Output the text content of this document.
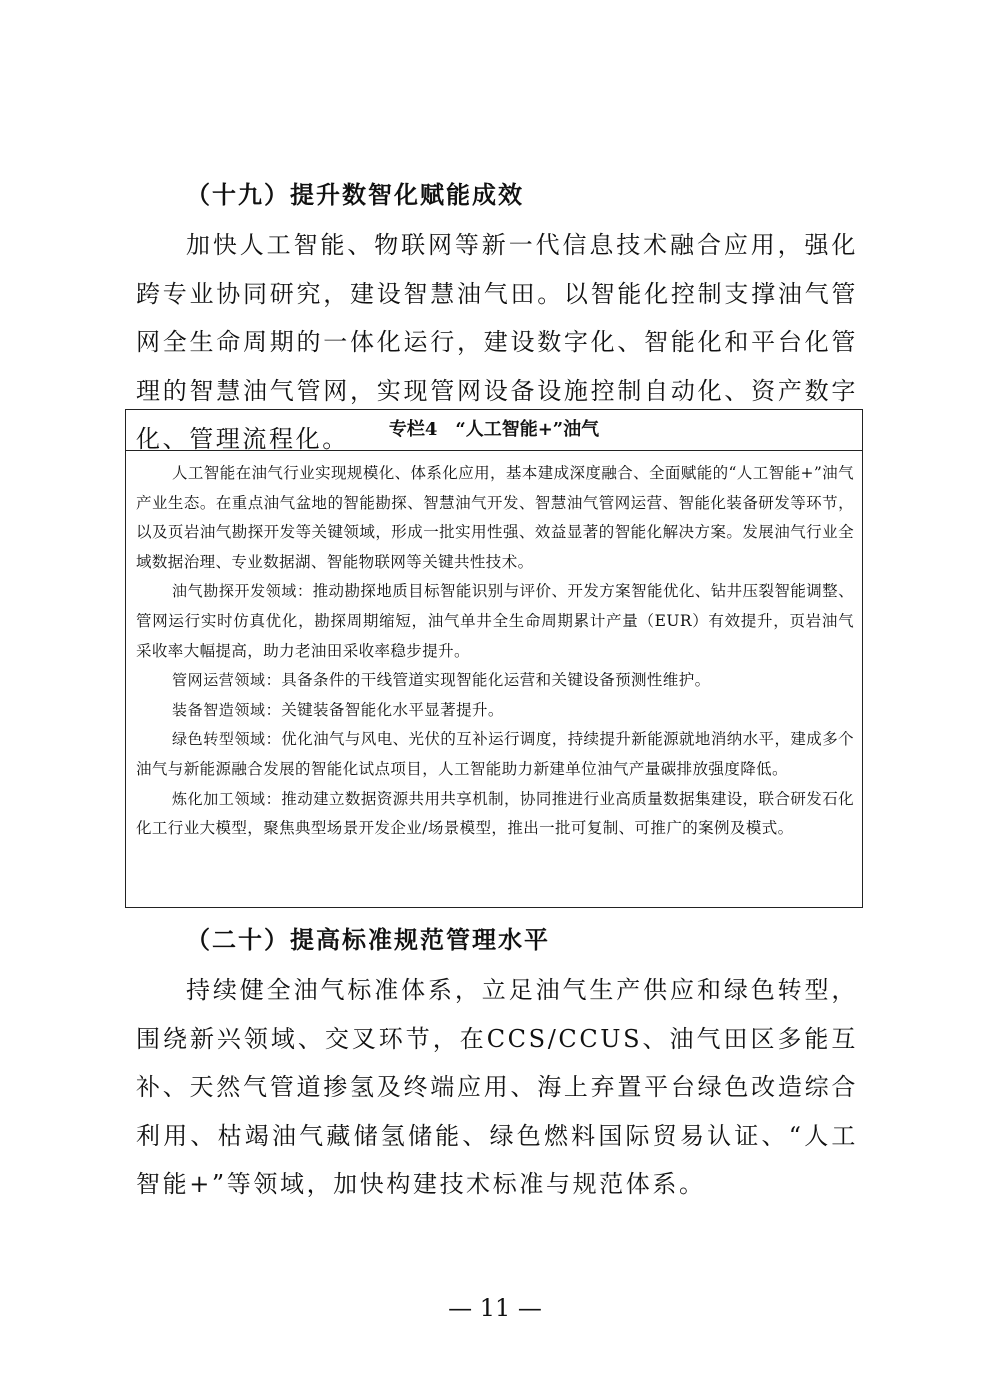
（十九）提升数智化赋能成效

加快人工智能、物联网等新一代信息技术融合应用，强化跨专业协同研究，建设智慧油气田。以智能化控制支撑油气管网全生命周期的一体化运行，建设数字化、智能化和平台化管理的智慧油气管网，实现管网设备设施控制自动化、资产数字化、管理流程化。	专栏4　“人工智能+”油气

人工智能在油气行业实现规模化、体系化应用，基本建成深度融合、全面赋能的“人工智能+”油气产业生态。在重点油气盆地的智能勘探、智慧油气开发、智慧油气管网运营、智能化装备研发等环节，以及页岩油气勘探开发等关键领域，形成一批实用性强、效益显著的智能化解决方案。发展油气行业全域数据治理、专业数据湖、智能物联网等关键共性技术。

油气勘探开发领域：推动勘探地质目标智能识别与评价、开发方案智能优化、钻井压裂智能调整、管网运行实时仿真优化，勘探周期缩短，油气单井全生命周期累计产量（EUR）有效提升，页岩油气采收率大幅提高，助力老油田采收率稳步提升。

管网运营领域：具备条件的干线管道实现智能化运营和关键设备预测性维护。

装备智造领域：关键装备智能化水平显著提升。

绿色转型领域：优化油气与风电、光伏的互补运行调度，持续提升新能源就地消纳水平，建成多个油气与新能源融合发展的智能化试点项目，人工智能助力新建单位油气产量碳排放强度降低。

炼化加工领域：推动建立数据资源共用共享机制，协同推进行业高质量数据集建设，联合研发石化化工行业大模型，聚焦典型场景开发企业/场景模型，推出一批可复制、可推广的案例及模式。

（二十）提高标准规范管理水平

持续健全油气标准体系，立足油气生产供应和绿色转型，围绕新兴领域、交叉环节，在CCS/CCUS、油气田区多能互补、天然气管道掺氢及终端应用、海上弃置平台绿色改造综合利用、枯竭油气藏储氢储能、绿色燃料国际贸易认证、“人工智能+”等领域，加快构建技术标准与规范体系。

— 11 —
